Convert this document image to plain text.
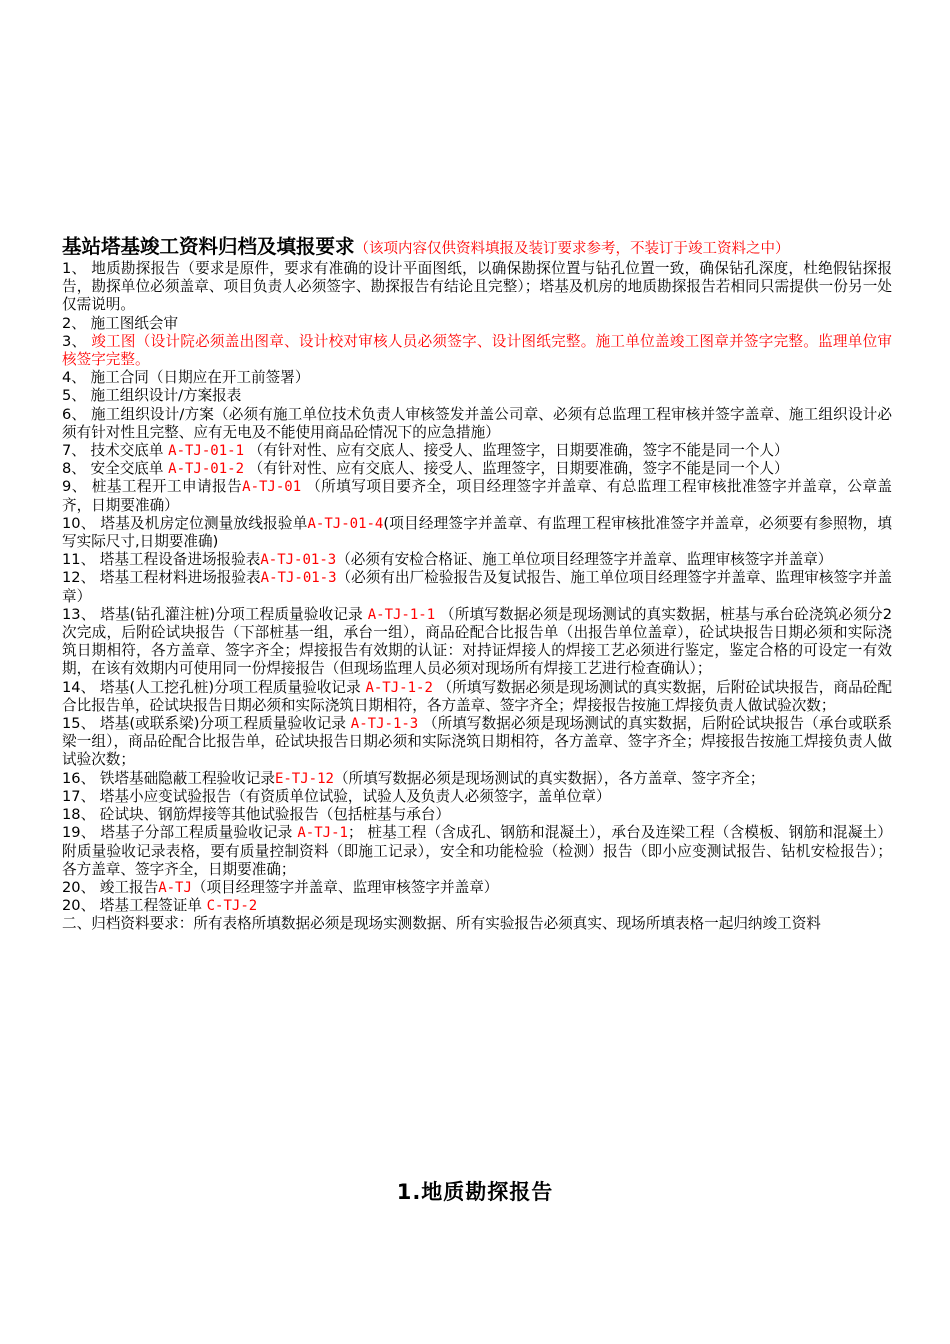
基站塔基竣工资料归档及填报要求（该项内容仅供资料填报及装订要求参考，不装订于竣工资料之中）

1、 地质勘探报告（要求是原件，要求有准确的设计平面图纸，以确保勘探位置与钻孔位置一致，确保钻孔深度，杜绝假钻探报告，勘探单位必须盖章、项目负责人必须签字、勘探报告有结论且完整）；塔基及机房的地质勘探报告若相同只需提供一份另一处仅需说明。

2、 施工图纸会审

3、 竣工图（设计院必须盖出图章、设计校对审核人员必须签字、设计图纸完整。施工单位盖竣工图章并签字完整。监理单位审核签字完整。

4、 施工合同（日期应在开工前签署）

5、 施工组织设计/方案报表

6、 施工组织设计/方案（必须有施工单位技术负责人审核签发并盖公司章、必须有总监理工程审核并签字盖章、施工组织设计必须有针对性且完整、应有无电及不能使用商品砼情况下的应急措施）

7、 技术交底单 A-TJ-01-1 （有针对性、应有交底人、接受人、监理签字，日期要准确，签字不能是同一个人）

8、 安全交底单 A-TJ-01-2 （有针对性、应有交底人、接受人、监理签字，日期要准确，签字不能是同一个人）

9、 桩基工程开工申请报告A-TJ-01 （所填写项目要齐全，项目经理签字并盖章、有总监理工程审核批准签字并盖章，公章盖齐，日期要准确）

10、 塔基及机房定位测量放线报验单A-TJ-01-4(项目经理签字并盖章、有监理工程审核批准签字并盖章，必须要有参照物，填写实际尺寸,日期要准确)

11、 塔基工程设备进场报验表A-TJ-01-3（必须有安检合格证、施工单位项目经理签字并盖章、监理审核签字并盖章）

12、 塔基工程材料进场报验表A-TJ-01-3（必须有出厂检验报告及复试报告、施工单位项目经理签字并盖章、监理审核签字并盖章）

13、 塔基(钻孔灌注桩)分项工程质量验收记录 A-TJ-1-1 （所填写数据必须是现场测试的真实数据，桩基与承台砼浇筑必须分2次完成，后附砼试块报告（下部桩基一组，承台一组），商品砼配合比报告单（出报告单位盖章），砼试块报告日期必须和实际浇筑日期相符，各方盖章、签字齐全；焊接报告有效期的认证：对持证焊接人的焊接工艺必须进行鉴定，鉴定合格的可设定一有效期，在该有效期内可使用同一份焊接报告（但现场监理人员必须对现场所有焊接工艺进行检查确认）；

14、 塔基(人工挖孔桩)分项工程质量验收记录 A-TJ-1-2 （所填写数据必须是现场测试的真实数据，后附砼试块报告，商品砼配合比报告单，砼试块报告日期必须和实际浇筑日期相符，各方盖章、签字齐全；焊接报告按施工焊接负责人做试验次数；

15、 塔基(或联系梁)分项工程质量验收记录 A-TJ-1-3 （所填写数据必须是现场测试的真实数据，后附砼试块报告（承台或联系梁一组），商品砼配合比报告单，砼试块报告日期必须和实际浇筑日期相符，各方盖章、签字齐全；焊接报告按施工焊接负责人做试验次数；

16、 铁塔基础隐蔽工程验收记录E-TJ-12（所填写数据必须是现场测试的真实数据），各方盖章、签字齐全；

17、 塔基小应变试验报告（有资质单位试验，试验人及负责人必须签字，盖单位章）

18、 砼试块、钢筋焊接等其他试验报告（包括桩基与承台）

19、 塔基子分部工程质量验收记录 A-TJ-1； 桩基工程（含成孔、钢筋和混凝土），承台及连梁工程（含模板、钢筋和混凝土）附质量验收记录表格，要有质量控制资料（即施工记录），安全和功能检验（检测）报告（即小应变测试报告、钻机安检报告）；各方盖章、签字齐全，日期要准确；

20、 竣工报告A-TJ（项目经理签字并盖章、监理审核签字并盖章）

20、 塔基工程签证单 C-TJ-2

二、归档资料要求：所有表格所填数据必须是现场实测数据、所有实验报告必须真实、现场所填表格一起归纳竣工资料

1.地质勘探报告
